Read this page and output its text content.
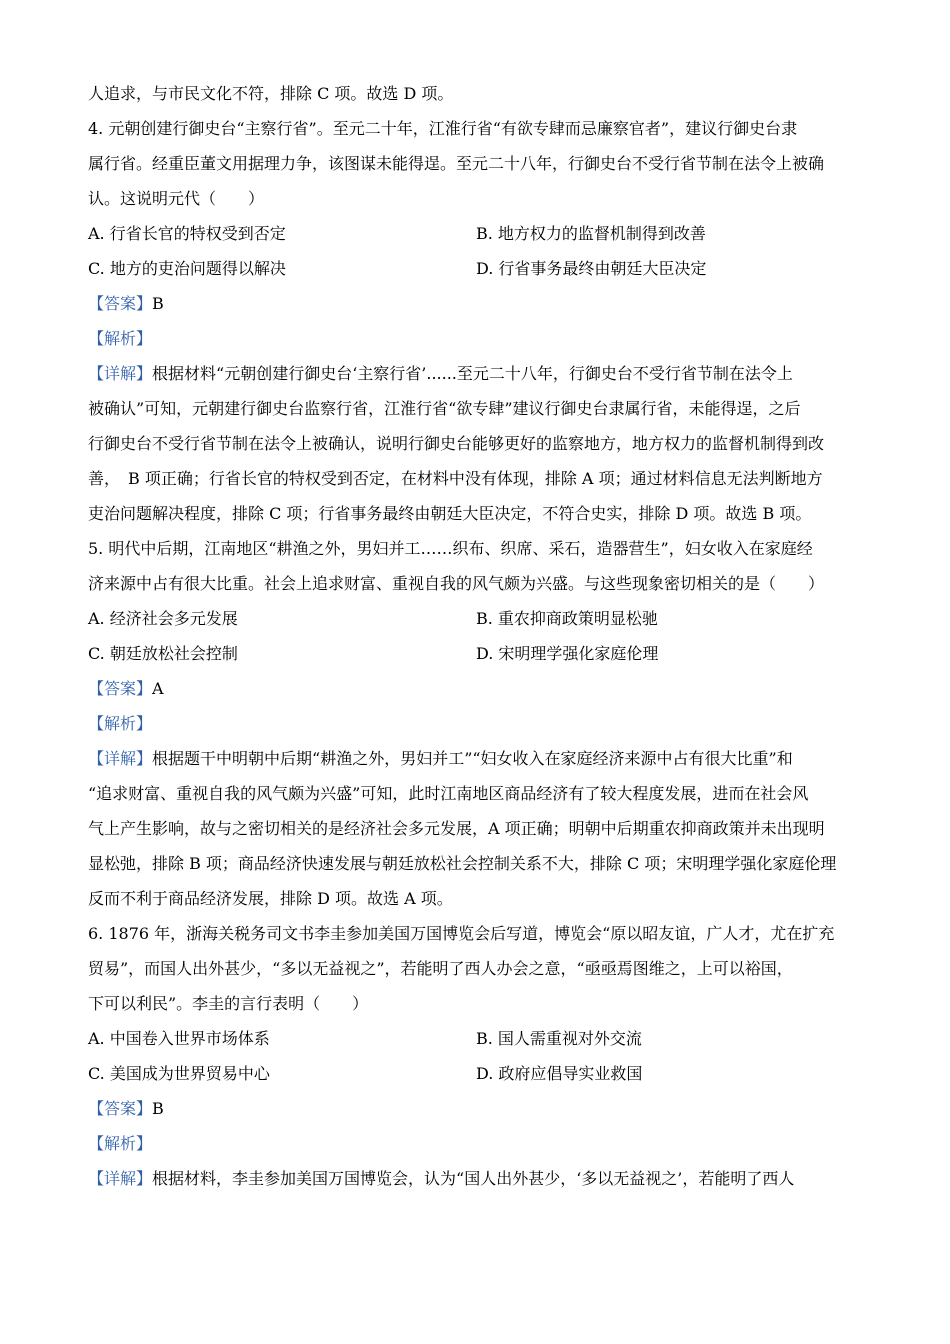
人追求，与市民文化不符，排除 C 项。故选 D 项。
4. 元朝创建行御史台“主察行省”。至元二十年，江淮行省“有欲专肆而忌廉察官者”，建议行御史台隶
属行省。经重臣董文用据理力争，该图谋未能得逞。至元二十八年，行御史台不受行省节制在法令上被确
认。这说明元代（　　）
A. 行省长官的特权受到否定	B. 地方权力的监督机制得到改善
C. 地方的吏治问题得以解决	D. 行省事务最终由朝廷大臣决定
【答案】B
【解析】
【详解】根据材料“元朝创建行御史台‘主察行省’......至元二十八年，行御史台不受行省节制在法令上
被确认”可知，元朝建行御史台监察行省，江淮行省“欲专肆”建议行御史台隶属行省，未能得逞，之后
行御史台不受行省节制在法令上被确认，说明行御史台能够更好的监察地方，地方权力的监督机制得到改
善，　B 项正确；行省长官的特权受到否定，在材料中没有体现，排除 A 项；通过材料信息无法判断地方
吏治问题解决程度，排除 C 项；行省事务最终由朝廷大臣决定，不符合史实，排除 D 项。故选 B 项。
5. 明代中后期，江南地区“耕渔之外，男妇并工……织布、织席、采石，造器营生”，妇女收入在家庭经
济来源中占有很大比重。社会上追求财富、重视自我的风气颇为兴盛。与这些现象密切相关的是（　　）
A. 经济社会多元发展	B. 重农抑商政策明显松驰
C. 朝廷放松社会控制	D. 宋明理学强化家庭伦理
【答案】A
【解析】
【详解】根据题干中明朝中后期“耕渔之外，男妇并工”“妇女收入在家庭经济来源中占有很大比重”和
“追求财富、重视自我的风气颇为兴盛”可知，此时江南地区商品经济有了较大程度发展，进而在社会风
气上产生影响，故与之密切相关的是经济社会多元发展，A 项正确；明朝中后期重农抑商政策并未出现明
显松弛，排除 B 项；商品经济快速发展与朝廷放松社会控制关系不大，排除 C 项；宋明理学强化家庭伦理
反而不利于商品经济发展，排除 D 项。故选 A 项。
6. 1876 年，浙海关税务司文书李圭参加美国万国博览会后写道，博览会“原以昭友谊，广人才，尤在扩充
贸易”，而国人出外甚少，“多以无益视之”，若能明了西人办会之意，“亟亟焉图维之，上可以裕国，
下可以利民”。李圭的言行表明（　　）
A. 中国卷入世界市场体系	B. 国人需重视对外交流
C. 美国成为世界贸易中心	D. 政府应倡导实业救国
【答案】B
【解析】
【详解】根据材料，李圭参加美国万国博览会，认为“国人出外甚少，‘多以无益视之’，若能明了西人
